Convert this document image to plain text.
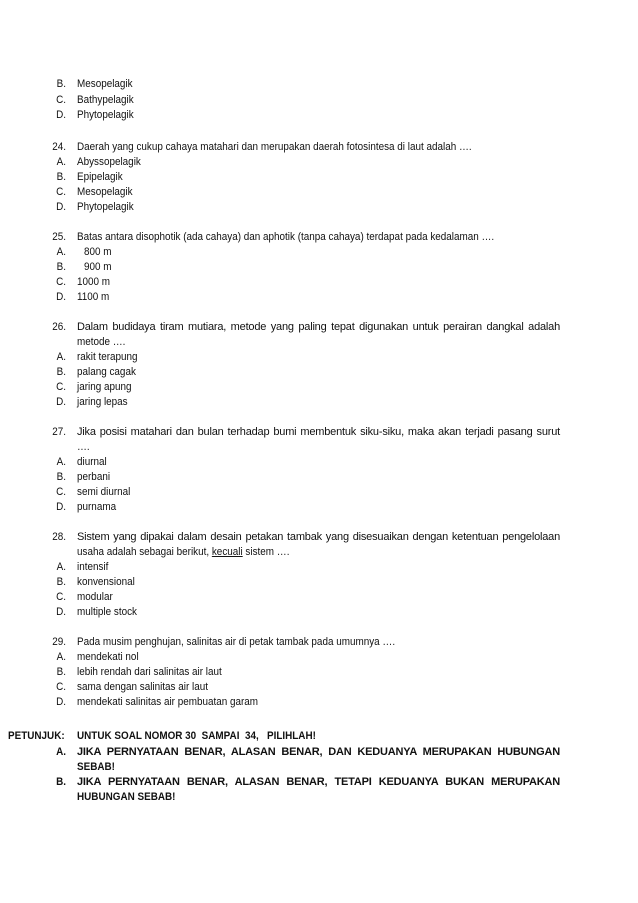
B. Mesopelagik
C. Bathypelagik
D. Phytopelagik
24. Daerah yang cukup cahaya matahari dan merupakan daerah fotosintesa di laut adalah ….
A. Abyssopelagik
B. Epipelagik
C. Mesopelagik
D. Phytopelagik
25. Batas antara disophotik (ada cahaya) dan aphotik (tanpa cahaya) terdapat pada kedalaman ….
A. 800 m
B. 900 m
C. 1000 m
D. 1100 m
26. Dalam budidaya tiram mutiara, metode yang paling tepat digunakan untuk perairan dangkal adalah
metode ….
A. rakit terapung
B. palang cagak
C. jaring apung
D. jaring lepas
27. Jika posisi matahari dan bulan terhadap bumi membentuk siku-siku, maka akan terjadi pasang surut
….
A. diurnal
B. perbani
C. semi diurnal
D. purnama
28. Sistem yang dipakai dalam desain petakan tambak yang disesuaikan dengan ketentuan pengelolaan
usaha adalah sebagai berikut, kecuali sistem ….
A. intensif
B. konvensional
C. modular
D. multiple stock
29. Pada musim penghujan, salinitas air di petak tambak pada umumnya ….
A. mendekati nol
B. lebih rendah dari salinitas air laut
C. sama dengan salinitas air laut
D. mendekati salinitas air pembuatan garam
PETUNJUK: UNTUK SOAL NOMOR 30  SAMPAI  34,   PILIHLAH!
A. JIKA PERNYATAAN BENAR, ALASAN BENAR, DAN KEDUANYA MERUPAKAN HUBUNGAN
SEBAB!
B. JIKA PERNYATAAN BENAR, ALASAN BENAR, TETAPI KEDUANYA BUKAN MERUPAKAN
HUBUNGAN SEBAB!
